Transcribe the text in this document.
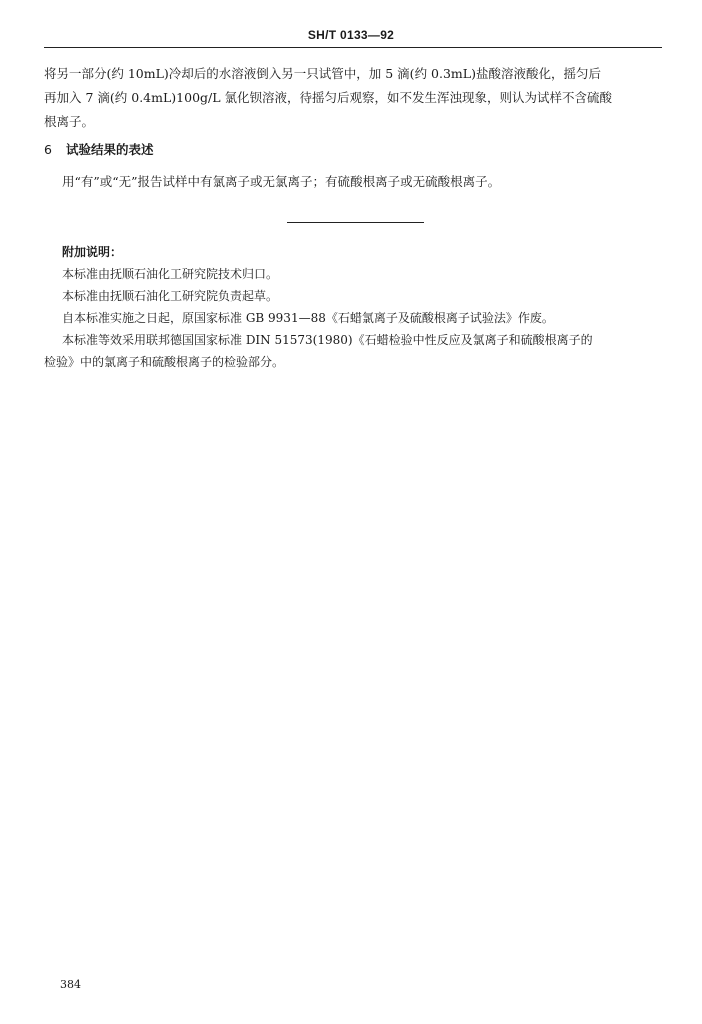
SH/T 0133—92

将另一部分(约 10mL)冷却后的水溶液倒入另一只试管中，加 5 滴(约 0.3mL)盐酸溶液酸化，摇匀后

再加入 7 滴(约 0.4mL)100g/L 氯化钡溶液，待摇匀后观察，如不发生浑浊现象，则认为试样不含硫酸

根离子。

6 试验结果的表述

用“有”或“无”报告试样中有氯离子或无氯离子；有硫酸根离子或无硫酸根离子。

附加说明：

本标准由抚顺石油化工研究院技术归口。

本标准由抚顺石油化工研究院负责起草。

自本标准实施之日起，原国家标准 GB 9931—88《石蜡氯离子及硫酸根离子试验法》作废。

本标准等效采用联邦德国国家标准 DIN 51573(1980)《石蜡检验中性反应及氯离子和硫酸根离子的

检验》中的氯离子和硫酸根离子的检验部分。

384
